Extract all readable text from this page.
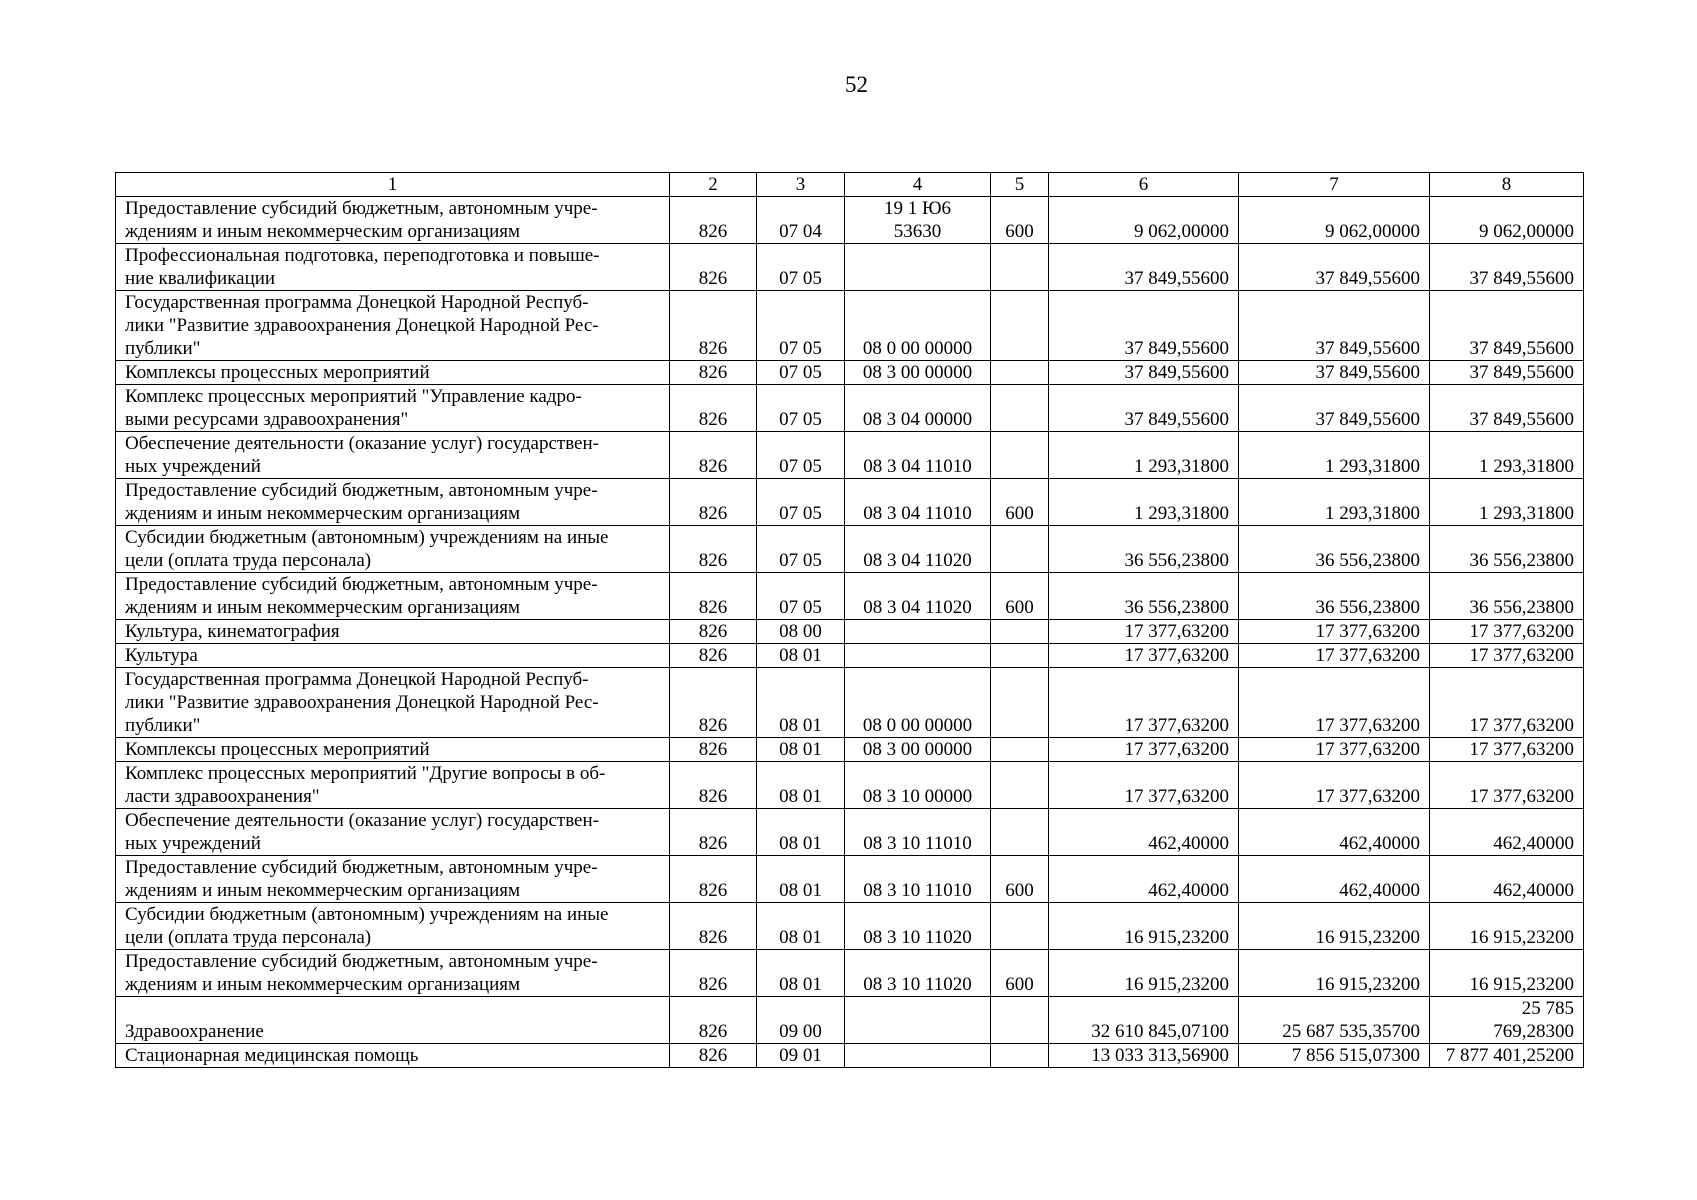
52
1	2	3	4	5	6	7	8
Предоставление субсидий бюджетным, автономным учре-
ждениям и иным некоммерческим организациям	826	07 04	19 1 Ю6
53630	600	9 062,00000	9 062,00000	9 062,00000
Профессиональная подготовка, переподготовка и повыше-
ние квалификации	826	07 05			37 849,55600	37 849,55600	37 849,55600
Государственная программа Донецкой Народной Респуб-
лики "Развитие здравоохранения Донецкой Народной Рес-
публики"	826	07 05	08 0 00 00000		37 849,55600	37 849,55600	37 849,55600
Комплексы процессных мероприятий	826	07 05	08 3 00 00000		37 849,55600	37 849,55600	37 849,55600
Комплекс процессных мероприятий "Управление кадро-
выми ресурсами здравоохранения"	826	07 05	08 3 04 00000		37 849,55600	37 849,55600	37 849,55600
Обеспечение деятельности (оказание услуг) государствен-
ных учреждений	826	07 05	08 3 04 11010		1 293,31800	1 293,31800	1 293,31800
Предоставление субсидий бюджетным, автономным учре-
ждениям и иным некоммерческим организациям	826	07 05	08 3 04 11010	600	1 293,31800	1 293,31800	1 293,31800
Субсидии бюджетным (автономным) учреждениям на иные
цели (оплата труда персонала)	826	07 05	08 3 04 11020		36 556,23800	36 556,23800	36 556,23800
Предоставление субсидий бюджетным, автономным учре-
ждениям и иным некоммерческим организациям	826	07 05	08 3 04 11020	600	36 556,23800	36 556,23800	36 556,23800
Культура, кинематография	826	08 00			17 377,63200	17 377,63200	17 377,63200
Культура	826	08 01			17 377,63200	17 377,63200	17 377,63200
Государственная программа Донецкой Народной Респуб-
лики "Развитие здравоохранения Донецкой Народной Рес-
публики"	826	08 01	08 0 00 00000		17 377,63200	17 377,63200	17 377,63200
Комплексы процессных мероприятий	826	08 01	08 3 00 00000		17 377,63200	17 377,63200	17 377,63200
Комплекс процессных мероприятий "Другие вопросы в об-
ласти здравоохранения"	826	08 01	08 3 10 00000		17 377,63200	17 377,63200	17 377,63200
Обеспечение деятельности (оказание услуг) государствен-
ных учреждений	826	08 01	08 3 10 11010		462,40000	462,40000	462,40000
Предоставление субсидий бюджетным, автономным учре-
ждениям и иным некоммерческим организациям	826	08 01	08 3 10 11010	600	462,40000	462,40000	462,40000
Субсидии бюджетным (автономным) учреждениям на иные
цели (оплата труда персонала)	826	08 01	08 3 10 11020		16 915,23200	16 915,23200	16 915,23200
Предоставление субсидий бюджетным, автономным учре-
ждениям и иным некоммерческим организациям	826	08 01	08 3 10 11020	600	16 915,23200	16 915,23200	16 915,23200
Здравоохранение	826	09 00			32 610 845,07100	25 687 535,35700	25 785 769,28300
Стационарная медицинская помощь	826	09 01			13 033 313,56900	7 856 515,07300	7 877 401,25200
